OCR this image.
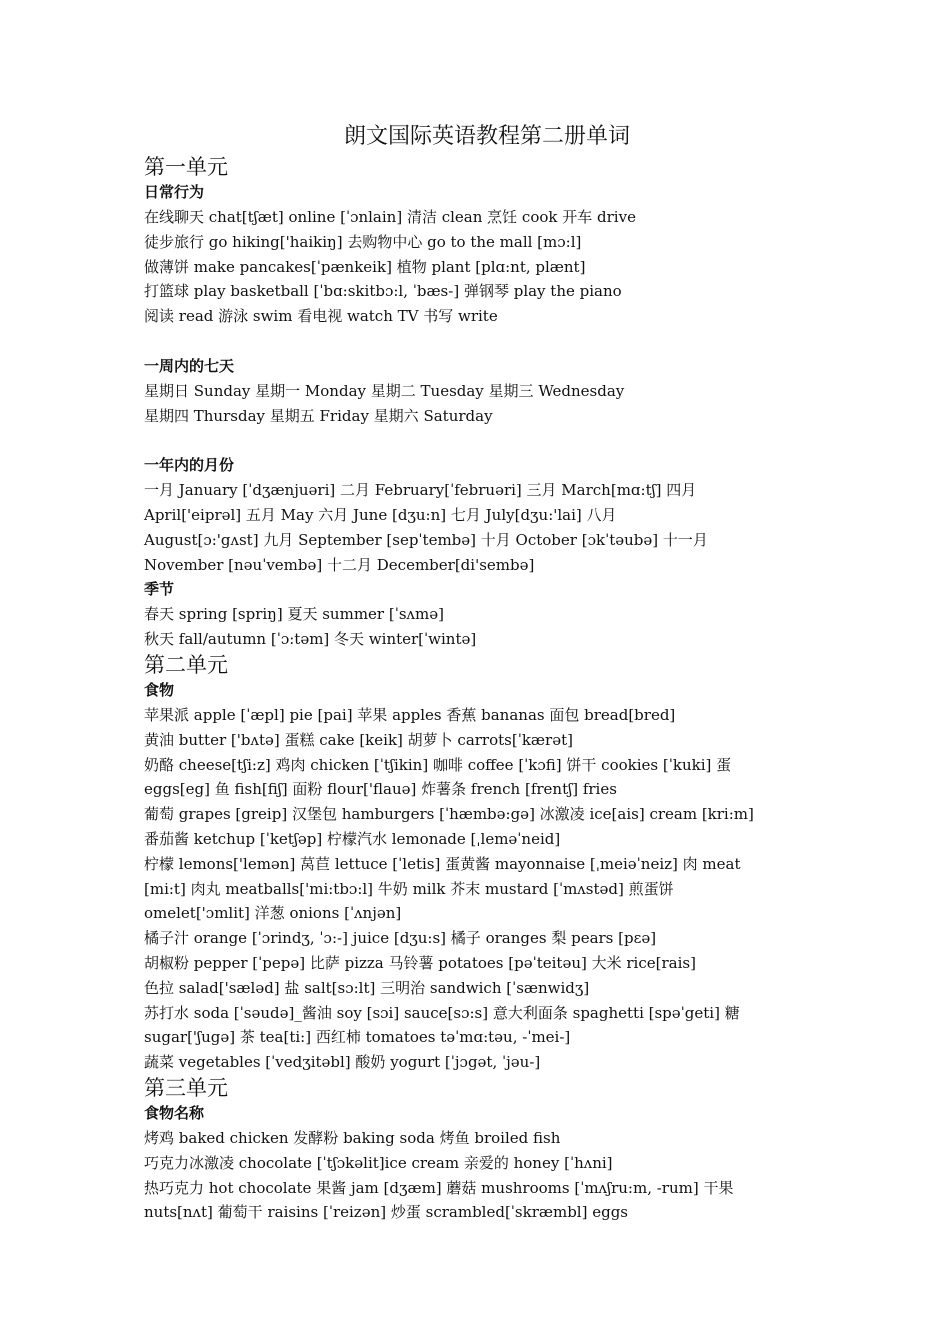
朗文国际英语教程第二册单词
第一单元
日常行为

在线聊天 chat[tʃæt] online [ˈɔnlain] 清洁 clean 烹饪 cook 开车 drive

徒步旅行 go hiking['haikiŋ] 去购物中心 go to the mall [mɔ:l]

做薄饼 make pancakes[ˈpænkeik] 植物 plant [plɑ:nt, plænt]

打篮球 play basketball [ˈbɑ:skitbɔ:l, ˈbæs-] 弹钢琴 play the piano

阅读 read 游泳 swim 看电视 watch TV 书写 write

一周内的七天

星期日 Sunday 星期一 Monday 星期二 Tuesday 星期三 Wednesday

星期四 Thursday 星期五 Friday 星期六 Saturday

一年内的月份

一月 January [ˈdʒænjuəri] 二月 February[ˈfebruəri] 三月 March[mɑ:tʃ] 四月

April['eiprəl] 五月 May 六月 June [dʒu:n] 七月 July[dʒu:'lai] 八月

August[ɔ:'gʌst] 九月 September [sepˈtembə] 十月 October [ɔkˈtəubə] 十一月

November [nəuˈvembə] 十二月 December[di'sembə]

季节

春天 spring [spriŋ] 夏天 summer [ˈsʌmə]

秋天 fall/autumn [ˈɔ:təm] 冬天 winter[ˈwintə]

第二单元
食物

苹果派 apple [ˈæpl] pie [pai] 苹果 apples 香蕉 bananas 面包 bread[bred]

黄油 butter ['bʌtə] 蛋糕 cake [keik] 胡萝卜 carrots[ˈkærət]

奶酪 cheese[tʃi:z] 鸡肉 chicken [ˈtʃikin] 咖啡 coffee [ˈkɔfi] 饼干 cookies [ˈkuki] 蛋

eggs[eg] 鱼 fish[fiʃ] 面粉 flour['flauə] 炸薯条 french [frentʃ] fries

葡萄 grapes [greip] 汉堡包 hamburgers [ˈhæmbə:gə] 冰激凌 ice[ais] cream [kri:m]

番茄酱 ketchup [ˈketʃəp] 柠檬汽水 lemonade [ˌleməˈneid]

柠檬 lemons['lemən] 莴苣 lettuce [ˈletis] 蛋黄酱 mayonnaise [ˌmeiəˈneiz] 肉 meat

[mi:t] 肉丸 meatballs['mi:tbɔ:l] 牛奶 milk 芥末 mustard [ˈmʌstəd] 煎蛋饼

omelet['ɔmlit] 洋葱 onions [ˈʌnjən]

橘子汁 orange [ˈɔrindʒ, ˈɔ:-] juice [dʒu:s] 橘子 oranges 梨 pears [pɛə]

胡椒粉 pepper [ˈpepə] 比萨 pizza 马铃薯 potatoes [pəˈteitəu] 大米 rice[rais]

色拉 salad['sæləd] 盐 salt[sɔ:lt] 三明治 sandwich [ˈsænwidʒ]

苏打水 soda [ˈsəudə]_酱油 soy [sɔi] sauce[sɔ:s] 意大利面条 spaghetti [spəˈgeti] 糖

sugar['ʃugə] 茶 tea[ti:] 西红柿 tomatoes təˈmɑ:təu, -ˈmei-]

蔬菜 vegetables [ˈvedʒitəbl] 酸奶 yogurt [ˈjɔgət, ˈjəu-]

第三单元
食物名称

烤鸡 baked chicken 发酵粉 baking soda 烤鱼 broiled fish

巧克力冰激凌 chocolate [ˈtʃɔkəlit]ice cream 亲爱的 honey [ˈhʌni]

热巧克力 hot chocolate 果酱 jam [dʒæm] 蘑菇 mushrooms [ˈmʌʃru:m, -rum] 干果

nuts[nʌt] 葡萄干 raisins [ˈreizən] 炒蛋 scrambled[ˈskræmbl] eggs
